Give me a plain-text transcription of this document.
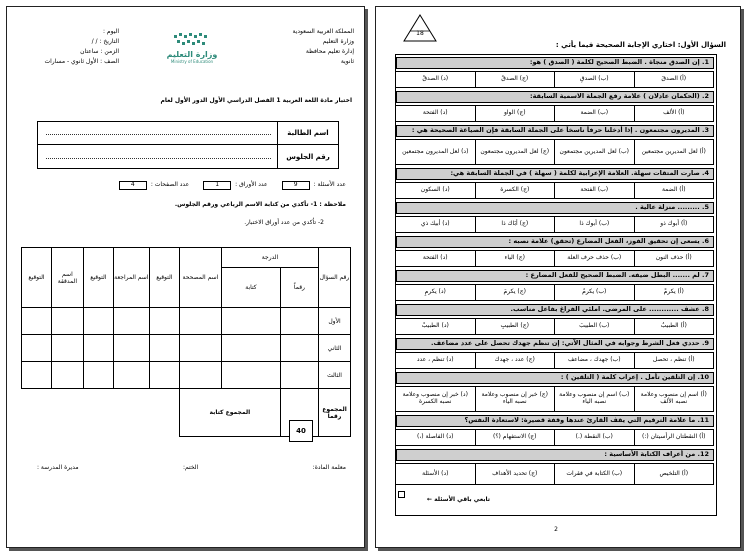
المملكة العربية السعودية
وزارة التعليم
إدارة تعليم محافظة
ثانوية
وزارة التعليم
Ministry of Education
اليوم :
التاريخ : / /
الزمن : ساعتان
الصف : الأول ثانوي - مسارات
اختبار مادة اللغة العربية 1 الفصل الدراسي الأول الدور الأول لعام
اسم الطالبة
رقم الجلوس
عدد الأسئلة :
9
عدد الأوراق :
1
عدد الصفحات :
4
ملاحظة : 1- تأكدي من كتابة الاسم الرباعي ورقم الجلوس.
2- تأكدي من عدد أوراق الاختبار.
التوقيع	اسم المدققة	التوقيع	اسم المراجعة	التوقيع	اسم المصححة	الدرجة		رقم السؤال
						كتابة	رقماً	
								الأول
								الثاني
								الثالث
					المجموع كتابة			المجموع رقماً

40
معلمة المادة:
الختم:
مديرة المدرسة :
18
السؤال الأول: اختاري الإجابة الصحيحة فيما يأتي :
1. إن الصدق منجاة . الضبط الصحيح لكلمة ( الصدق ) هو:
(أ) الصدقَ
(ب) الصدقِ
(ج) الصدقُ
(د) الصدقْ
2. (الحكمان عادلان ) علامة رفع الجملة الاسمية السابقة:
(أ) الألف
(ب) الضمة
(ج) الواو
(د) الفتحة
3. المديرون مجتمعون . إذا أدخلنا حرفاً ناسخاً على الجملة السابقة فإن الصياغة الصحيحة هي :
(أ) لعل المديرين مجتمعين
(ب) لعل المديرين مجتمعون
(ج) لعل المديرون مجتمعون
(د) لعل المديرون مجتمعين
4. صارت المتقات سهلة. العلامة الإعرابية لكلمة ( سهلة ) في الجملة السابقة هي:
(أ) الضمة
(ب) الفتحة
(ج) الكسرة
(د) السكون
5. ......... منزلة عالية .
(أ) أبوك ذو
(ب) أبوك ذا
(ج) أبَاك ذا
(د) أبيك ذي
6. يسعى إن تحقيق الفوز، الفعل المضارع (تحقق) علامة نصبه :
(أ) حذف النون
(ب) حذف حرف العلة
(ج) الياء
(د) الفتحة
7. لم ....... البطل ضيفه. الضبط الصحيح للفعل المضارع :
(أ) يكرمْ
(ب) يكرمُ
(ج) يكرمَ
(د) يكرمِ
8. عشف ............ على المرضى. املئي الفراغ بفاعل مناسب.
(أ) الطبيبُ
(ب) الطبيبَ
(ج) الطبيبِ
(د) الطبيبْ
9. حددي فعل الشرط وجوابه في المثال الآتي: إن تنظم جهدك تحصل على عدد مضاعف.
(أ) تنظم ، تحصل
(ب) جهدك ، مضاعف
(ج) عدد ، جهدك
(د) تنظم ، عدد
10. إن التلقين تأمل . إعراب كلمة ( التلقين ) :
(أ) اسم إن منصوب وعلامة نصبه الألف
(ب) اسم إن منصوب وعلامة نصبه الياء
(ج) خبر إن منصوب وعلامة نصبه الياء
(د) خبر إن منصوب وعلامة نصبه الكسرة
11. ما علامة الترقيم التي يقف القارئ عندها وقفة قصيرة: لاستعادة النفس؟
(أ) النقطتان الرأسيتان (:)
(ب) النقطة (.)
(ج) الاستفهام (؟)
(د) الفاصلة (،)
12. من أعراف الكتابة الأساسية :
(أ) التلخيص
(ب) الكتابة في فقرات
(ج) تحديد الأهداف
(د) الأسئلة
تابعي باقي الأسئلة ←
2
